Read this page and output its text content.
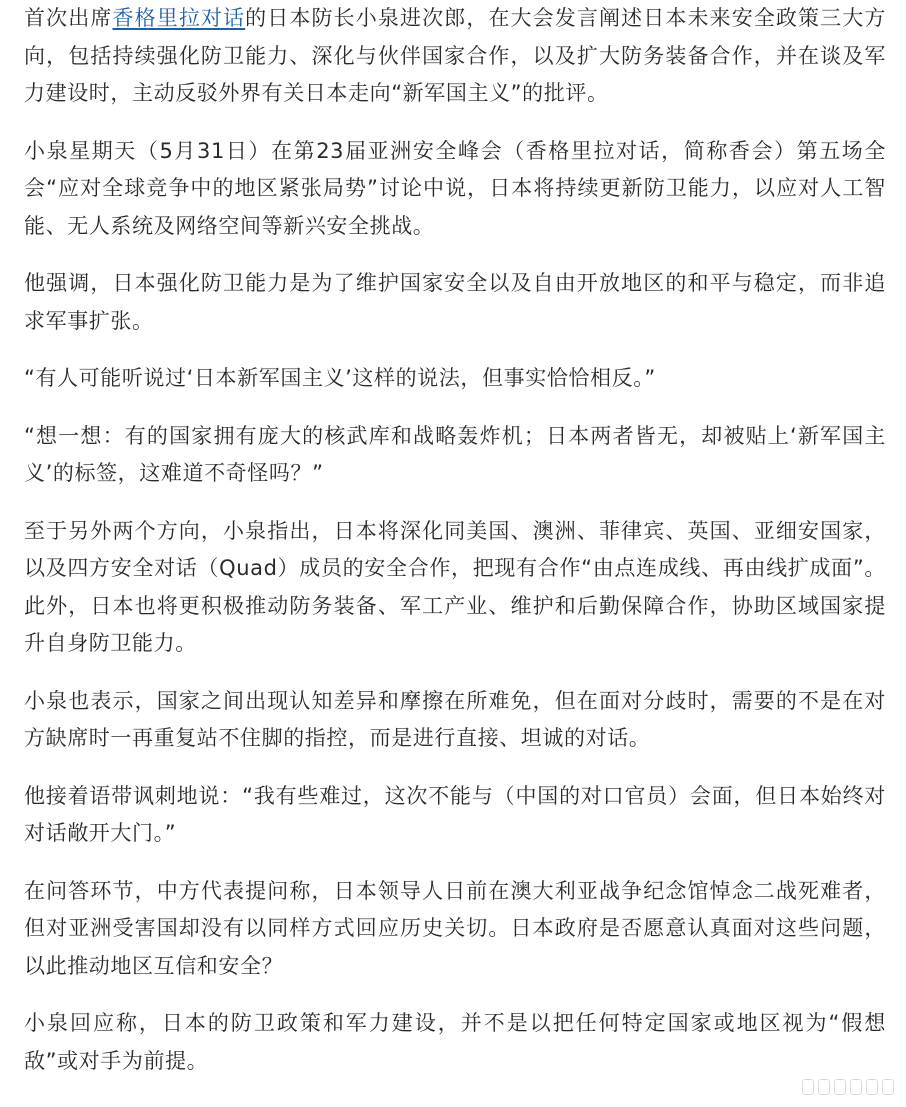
首次出席香格里拉对话的日本防长小泉进次郎，在大会发言阐述日本未来安全政策三大方向，包括持续强化防卫能力、深化与伙伴国家合作，以及扩大防务装备合作，并在谈及军力建设时，主动反驳外界有关日本走向“新军国主义”的批评。

小泉星期天（5月31日）在第23届亚洲安全峰会（香格里拉对话，简称香会）第五场全会“应对全球竞争中的地区紧张局势”讨论中说，日本将持续更新防卫能力，以应对人工智能、无人系统及网络空间等新兴安全挑战。

他强调，日本强化防卫能力是为了维护国家安全以及自由开放地区的和平与稳定，而非追求军事扩张。

“有人可能听说过‘日本新军国主义’这样的说法，但事实恰恰相反。”

“想一想：有的国家拥有庞大的核武库和战略轰炸机；日本两者皆无，却被贴上‘新军国主义’的标签，这难道不奇怪吗？”

至于另外两个方向，小泉指出，日本将深化同美国、澳洲、菲律宾、英国、亚细安国家，以及四方安全对话（Quad）成员的安全合作，把现有合作“由点连成线、再由线扩成面”。此外，日本也将更积极推动防务装备、军工产业、维护和后勤保障合作，协助区域国家提升自身防卫能力。

小泉也表示，国家之间出现认知差异和摩擦在所难免，但在面对分歧时，需要的不是在对方缺席时一再重复站不住脚的指控，而是进行直接、坦诚的对话。

他接着语带讽刺地说：“我有些难过，这次不能与（中国的对口官员）会面，但日本始终对对话敞开大门。”

在问答环节，中方代表提问称，日本领导人日前在澳大利亚战争纪念馆悼念二战死难者，但对亚洲受害国却没有以同样方式回应历史关切。日本政府是否愿意认真面对这些问题，以此推动地区互信和安全？

小泉回应称，日本的防卫政策和军力建设，并不是以把任何特定国家或地区视为“假想敌”或对手为前提。
